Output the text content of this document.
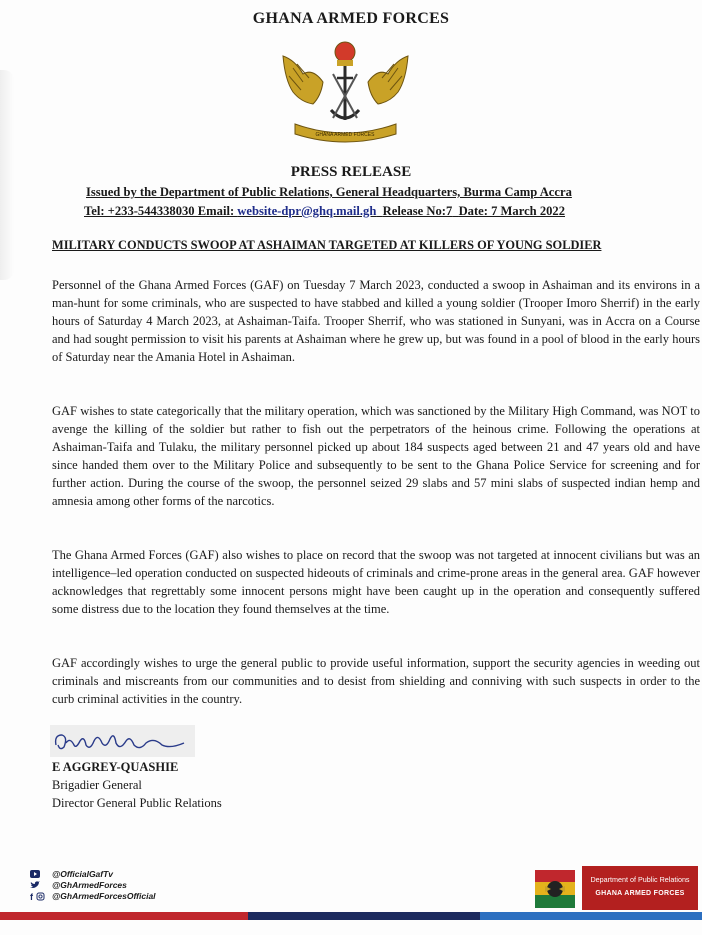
GHANA ARMED FORCES
GHANA ARMED FORCES
PRESS RELEASE
Issued by the Department of Public Relations, General Headquarters, Burma Camp Accra
Tel: +233-544338030 Email: website-dpr@ghq.mail.gh Release No:7 Date: 7 March 2022
MILITARY CONDUCTS SWOOP AT ASHAIMAN TARGETED AT KILLERS OF YOUNG SOLDIER
Personnel of the Ghana Armed Forces (GAF) on Tuesday 7 March 2023, conducted a swoop in Ashaiman and its environs in a man-hunt for some criminals, who are suspected to have stabbed and killed a young soldier (Trooper Imoro Sherrif) in the early hours of Saturday 4 March 2023, at Ashaiman-Taifa. Trooper Sherrif, who was stationed in Sunyani, was in Accra on a Course and had sought permission to visit his parents at Ashaiman where he grew up, but was found in a pool of blood in the early hours of Saturday near the Amania Hotel in Ashaiman.
GAF wishes to state categorically that the military operation, which was sanctioned by the Military High Command, was NOT to avenge the killing of the soldier but rather to fish out the perpetrators of the heinous crime. Following the operations at Ashaiman-Taifa and Tulaku, the military personnel picked up about 184 suspects aged between 21 and 47 years old and have since handed them over to the Military Police and subsequently to be sent to the Ghana Police Service for screening and for further action. During the course of the swoop, the personnel seized 29 slabs and 57 mini slabs of suspected indian hemp and amnesia among other forms of the narcotics.
The Ghana Armed Forces (GAF) also wishes to place on record that the swoop was not targeted at innocent civilians but was an intelligence–led operation conducted on suspected hideouts of criminals and crime-prone areas in the general area. GAF however acknowledges that regrettably some innocent persons might have been caught up in the operation and consequently suffered some distress due to the location they found themselves at the time.
GAF accordingly wishes to urge the general public to provide useful information, support the security agencies in weeding out criminals and miscreants from our communities and to desist from shielding and conniving with such suspects in order to the curb criminal activities in the country.
E AGGREY-QUASHIE
Brigadier General
Director General Public Relations
@OfficialGafTv
@GhArmedForces
f @GhArmedForcesOfficial
Department of Public Relations
GHANA ARMED FORCES
